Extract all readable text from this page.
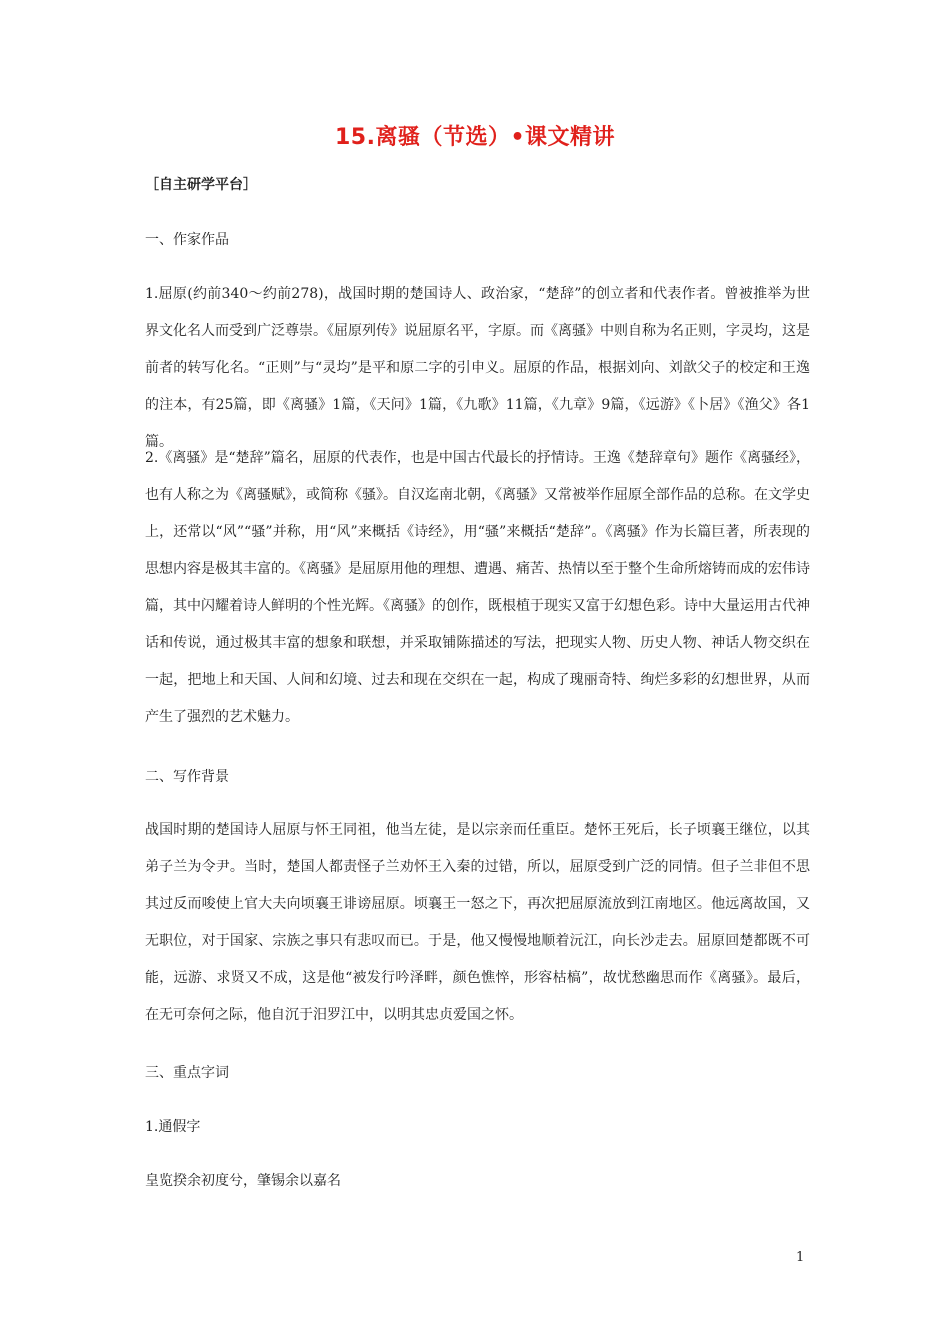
15.离骚（节选）•课文精讲
［自主研学平台］
一、作家作品

1.屈原(约前340～约前278)，战国时期的楚国诗人、政治家，“楚辞”的创立者和代表作者。曾被推举为世界文化名人而受到广泛尊崇。《屈原列传》说屈原名平，字原。而《离骚》中则自称为名正则，字灵均，这是前者的转写化名。“正则”与“灵均”是平和原二字的引申义。屈原的作品，根据刘向、刘歆父子的校定和王逸的注本，有25篇，即《离骚》1篇，《天问》1篇，《九歌》11篇，《九章》9篇，《远游》《卜居》《渔父》各1篇。

2.《离骚》是“楚辞”篇名，屈原的代表作，也是中国古代最长的抒情诗。王逸《楚辞章句》题作《离骚经》，也有人称之为《离骚赋》，或简称《骚》。自汉迄南北朝，《离骚》又常被举作屈原全部作品的总称。在文学史上，还常以“风”“骚”并称，用“风”来概括《诗经》，用“骚”来概括“楚辞”。《离骚》作为长篇巨著，所表现的思想内容是极其丰富的。《离骚》是屈原用他的理想、遭遇、痛苦、热情以至于整个生命所熔铸而成的宏伟诗篇，其中闪耀着诗人鲜明的个性光辉。《离骚》的创作，既根植于现实又富于幻想色彩。诗中大量运用古代神话和传说，通过极其丰富的想象和联想，并采取铺陈描述的写法，把现实人物、历史人物、神话人物交织在一起，把地上和天国、人间和幻境、过去和现在交织在一起，构成了瑰丽奇特、绚烂多彩的幻想世界，从而产生了强烈的艺术魅力。

二、写作背景

战国时期的楚国诗人屈原与怀王同祖，他当左徒，是以宗亲而任重臣。楚怀王死后，长子顷襄王继位，以其弟子兰为令尹。当时，楚国人都责怪子兰劝怀王入秦的过错，所以，屈原受到广泛的同情。但子兰非但不思其过反而唆使上官大夫向顷襄王诽谤屈原。顷襄王一怒之下，再次把屈原流放到江南地区。他远离故国，又无职位，对于国家、宗族之事只有悲叹而已。于是，他又慢慢地顺着沅江，向长沙走去。屈原回楚都既不可能，远游、求贤又不成，这是他“被发行吟泽畔，颜色憔悴，形容枯槁”，故忧愁幽思而作《离骚》。最后，在无可奈何之际，他自沉于汨罗江中，以明其忠贞爱国之怀。

三、重点字词
1.通假字
皇览揆余初度兮，肇锡余以嘉名
1
